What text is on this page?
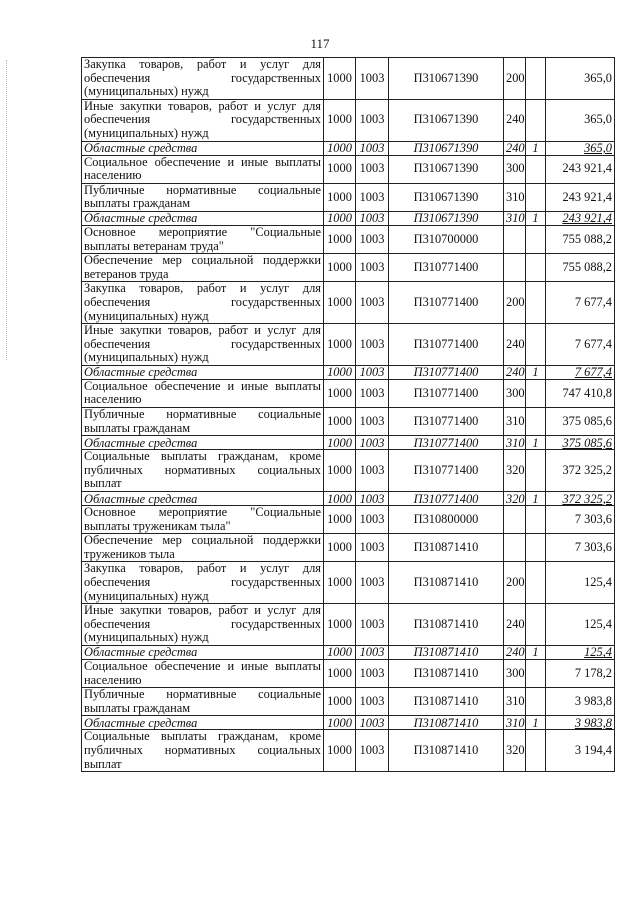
117
Закупка товаров, работ и услуг для обеспечения государственных (муниципальных) нужд	1000	1003	П310671390	200		365,0
Иные закупки товаров, работ и услуг для обеспечения государственных (муниципальных) нужд	1000	1003	П310671390	240		365,0
Областные средства	1000	1003	П310671390	240	1	365,0
Социальное обеспечение и иные выплаты населению	1000	1003	П310671390	300		243 921,4
Публичные нормативные социальные выплаты гражданам	1000	1003	П310671390	310		243 921,4
Областные средства	1000	1003	П310671390	310	1	243 921,4
Основное мероприятие "Социальные выплаты ветеранам труда"	1000	1003	П310700000			755 088,2
Обеспечение мер социальной поддержки ветеранов труда	1000	1003	П310771400			755 088,2
Закупка товаров, работ и услуг для обеспечения государственных (муниципальных) нужд	1000	1003	П310771400	200		7 677,4
Иные закупки товаров, работ и услуг для обеспечения государственных (муниципальных) нужд	1000	1003	П310771400	240		7 677,4
Областные средства	1000	1003	П310771400	240	1	7 677,4
Социальное обеспечение и иные выплаты населению	1000	1003	П310771400	300		747 410,8
Публичные нормативные социальные выплаты гражданам	1000	1003	П310771400	310		375 085,6
Областные средства	1000	1003	П310771400	310	1	375 085,6
Социальные выплаты гражданам, кроме публичных нормативных социальных выплат	1000	1003	П310771400	320		372 325,2
Областные средства	1000	1003	П310771400	320	1	372 325,2
Основное мероприятие "Социальные выплаты труженикам тыла"	1000	1003	П310800000			7 303,6
Обеспечение мер социальной поддержки тружеников тыла	1000	1003	П310871410			7 303,6
Закупка товаров, работ и услуг для обеспечения государственных (муниципальных) нужд	1000	1003	П310871410	200		125,4
Иные закупки товаров, работ и услуг для обеспечения государственных (муниципальных) нужд	1000	1003	П310871410	240		125,4
Областные средства	1000	1003	П310871410	240	1	125,4
Социальное обеспечение и иные выплаты населению	1000	1003	П310871410	300		7 178,2
Публичные нормативные социальные выплаты гражданам	1000	1003	П310871410	310		3 983,8
Областные средства	1000	1003	П310871410	310	1	3 983,8
Социальные выплаты гражданам, кроме публичных нормативных социальных выплат	1000	1003	П310871410	320		3 194,4
